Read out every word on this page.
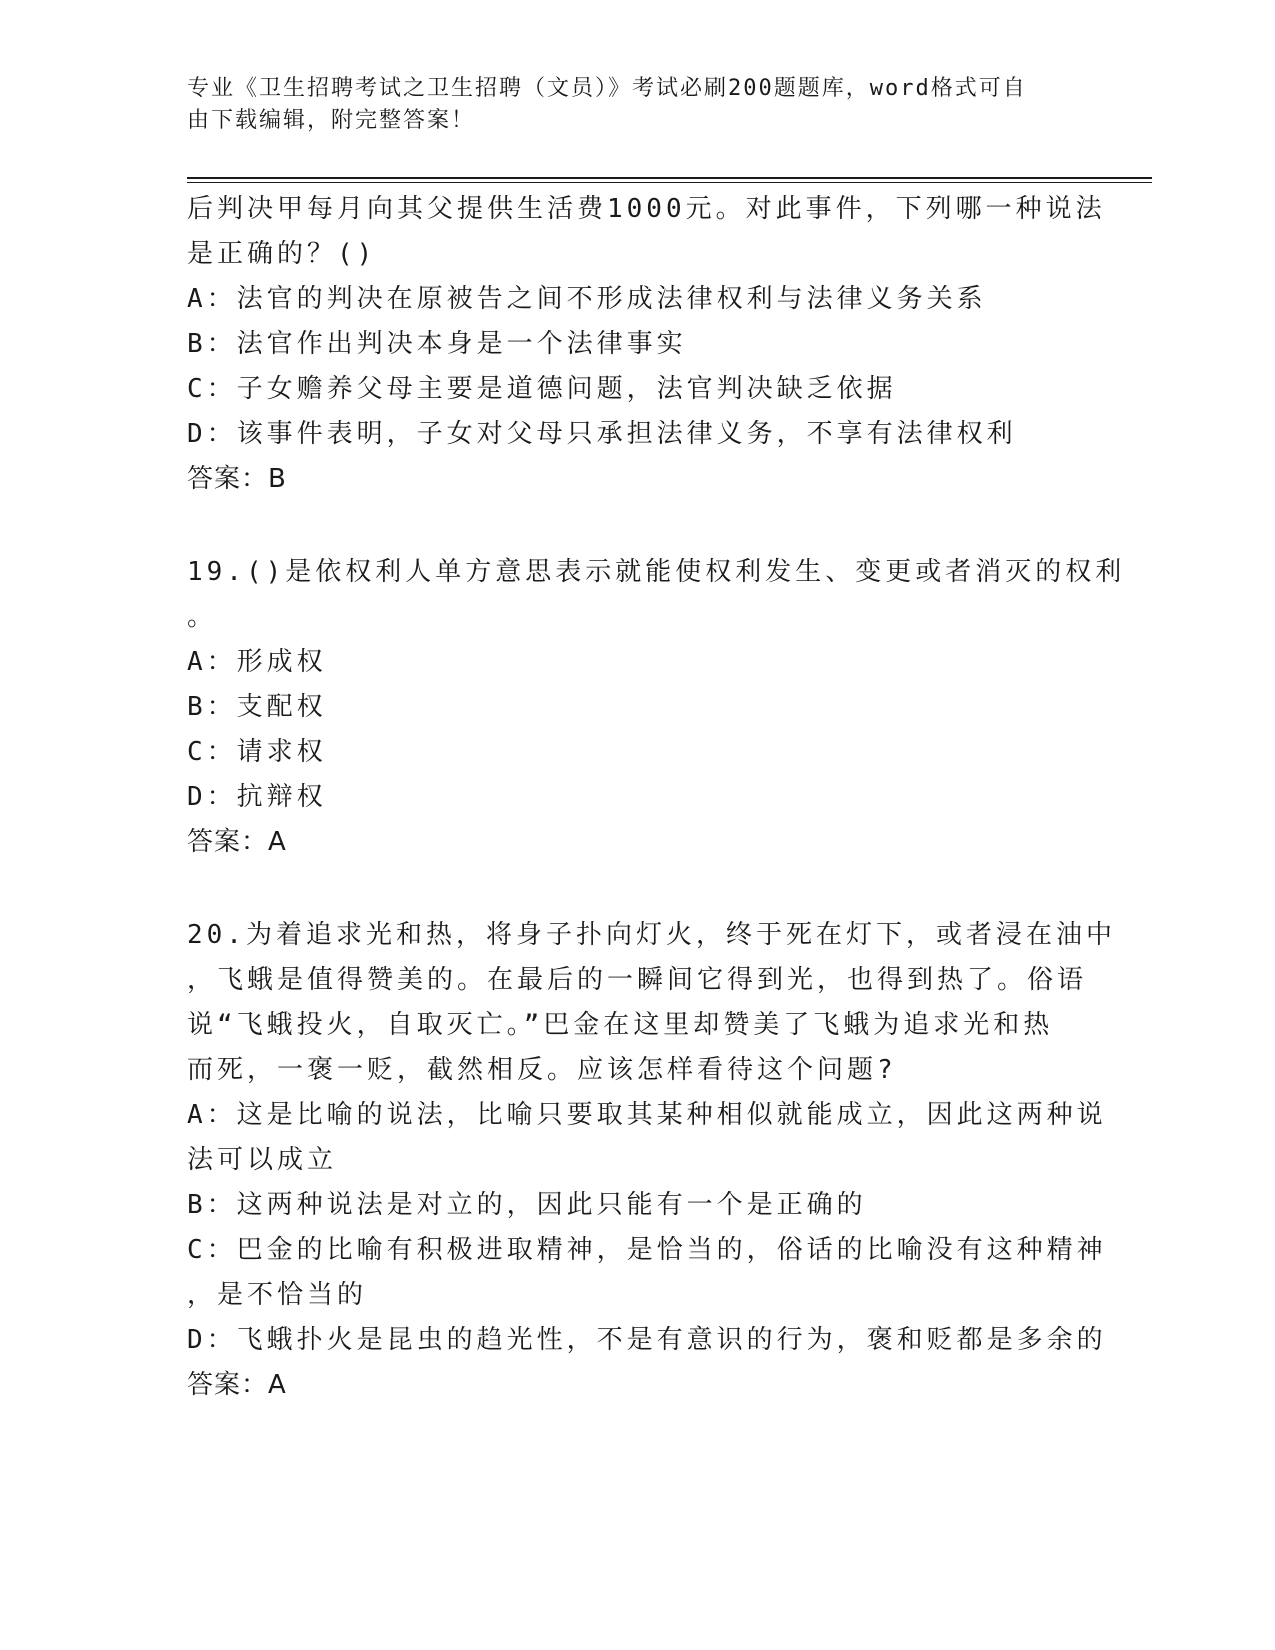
专业《卫生招聘考试之卫生招聘（文员）》考试必刷200题题库，word格式可自
由下载编辑，附完整答案！
后判决甲每月向其父提供生活费1000元。对此事件，下列哪一种说法
是正确的？()
A：法官的判决在原被告之间不形成法律权利与法律义务关系
B：法官作出判决本身是一个法律事实
C：子女赡养父母主要是道德问题，法官判决缺乏依据
D：该事件表明，子女对父母只承担法律义务，不享有法律权利
答案：B
19.()是依权利人单方意思表示就能使权利发生、变更或者消灭的权利
。
A：形成权
B：支配权
C：请求权
D：抗辩权
答案：A
20.为着追求光和热，将身子扑向灯火，终于死在灯下，或者浸在油中
，飞蛾是值得赞美的。在最后的一瞬间它得到光，也得到热了。俗语
说“飞蛾投火，自取灭亡。”巴金在这里却赞美了飞蛾为追求光和热
而死，一褒一贬，截然相反。应该怎样看待这个问题?
A：这是比喻的说法，比喻只要取其某种相似就能成立，因此这两种说
法可以成立
B：这两种说法是对立的，因此只能有一个是正确的
C：巴金的比喻有积极进取精神，是恰当的，俗话的比喻没有这种精神
，是不恰当的
D：飞蛾扑火是昆虫的趋光性，不是有意识的行为，褒和贬都是多余的
答案：A
